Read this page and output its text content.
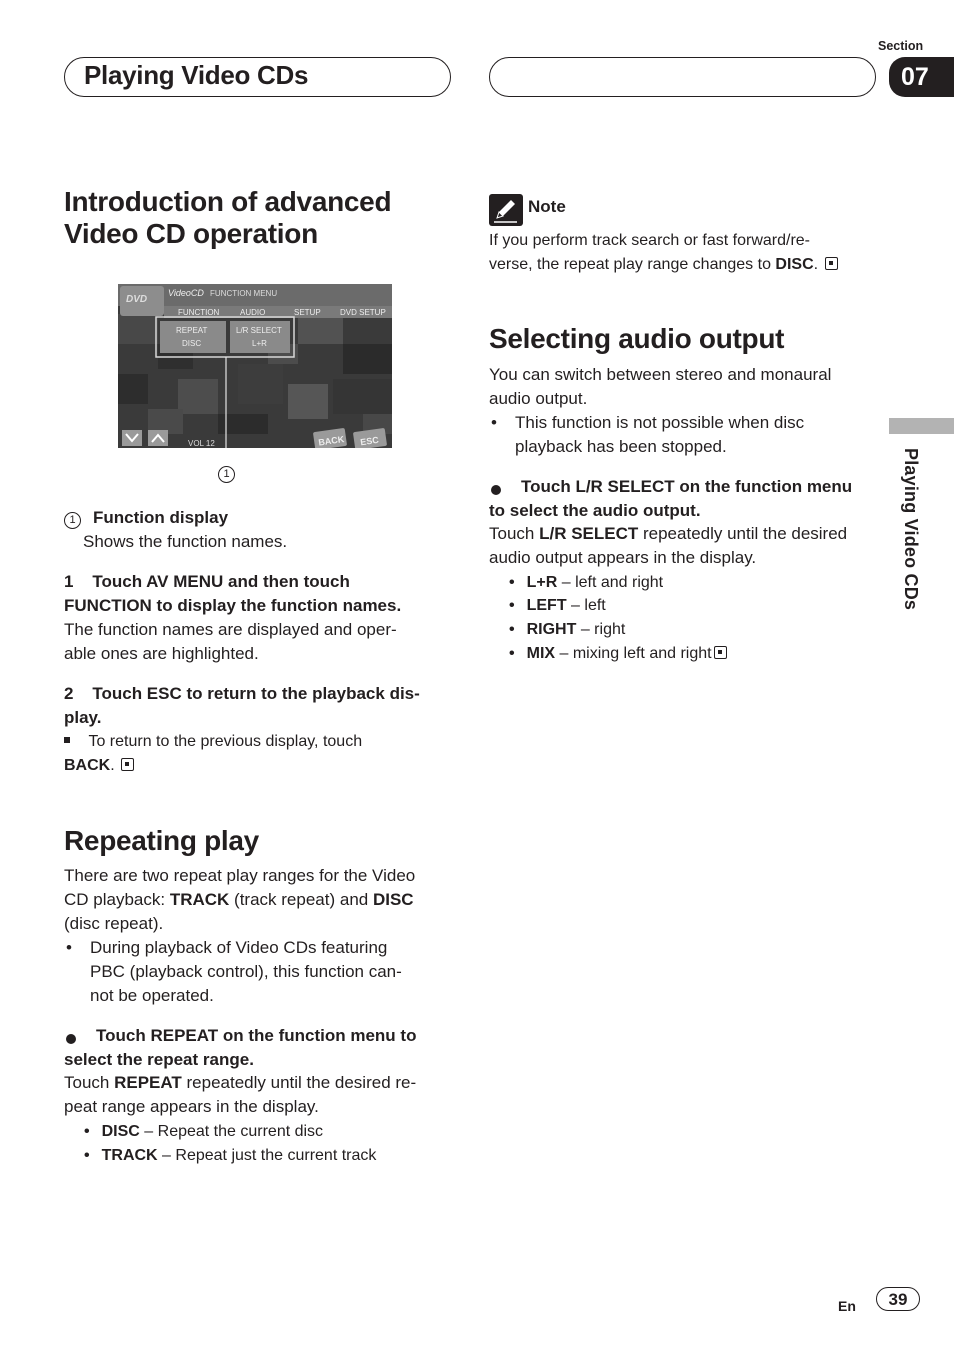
Playing Video CDs
Section
07
Playing Video CDs
Introduction of advanced
Video CD operation
DVD
VideoCD FUNCTION MENU
FUNCTION	AUDIO	SETUP DVD SETUP
REPEAT
DISC
L/R SELECT
L+R
VOL 12	BACK ESC
1
1 Function display
Shows the function names.
1    Touch AV MENU and then touch
FUNCTION to display the function names.
The function names are displayed and oper-
able ones are highlighted.
2    Touch ESC to return to the playback dis-
play.
To return to the previous display, touch
BACK.
Repeating play
There are two repeat play ranges for the Video
CD playback: TRACK (track repeat) and DISC
(disc repeat).
• During playback of Video CDs featuring
PBC (playback control), this function can-
not be operated.
Touch REPEAT on the function menu to
select the repeat range.
Touch REPEAT repeatedly until the desired re-
peat range appears in the display.
• DISC – Repeat the current disc
• TRACK – Repeat just the current track
Note
If you perform track search or fast forward/re-
verse, the repeat play range changes to DISC.
Selecting audio output
You can switch between stereo and monaural
audio output.
• This function is not possible when disc
playback has been stopped.
Touch L/R SELECT on the function menu
to select the audio output.
Touch L/R SELECT repeatedly until the desired
audio output appears in the display.
• L+R – left and right
• LEFT – left
• RIGHT – right
• MIX – mixing left and right
En	39
